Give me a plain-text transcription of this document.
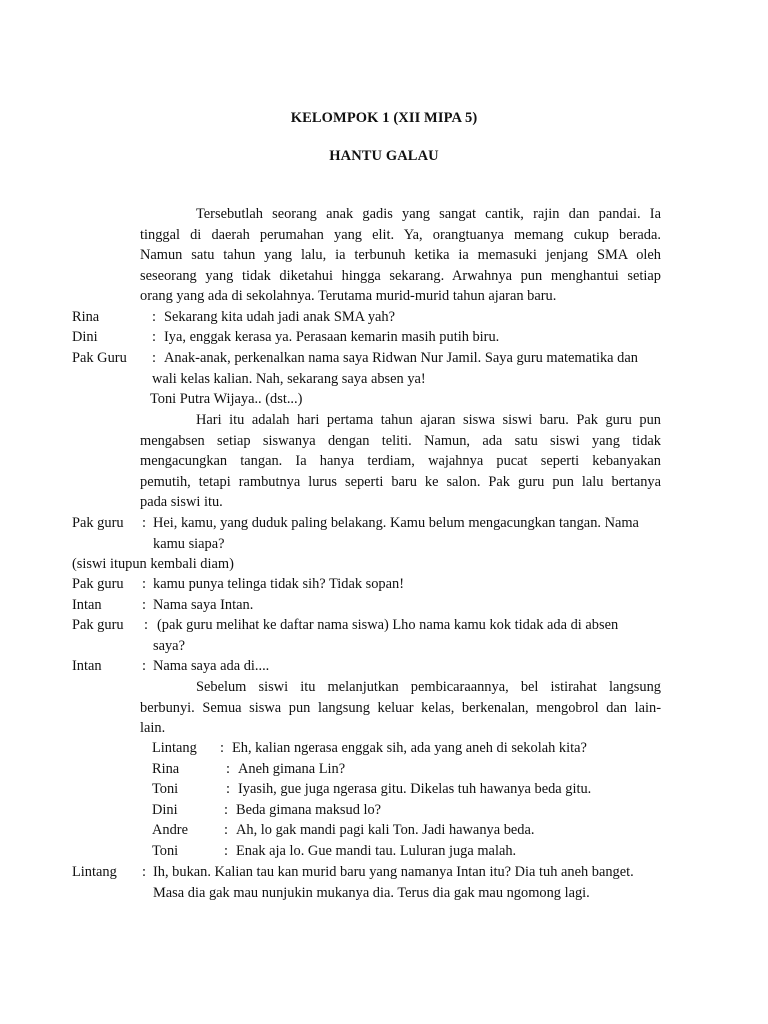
KELOMPOK 1 (XII MIPA 5)
HANTU GALAU
Tersebutlah seorang anak gadis yang sangat cantik, rajin dan pandai. Ia
tinggal di daerah perumahan yang elit. Ya, orangtuanya memang cukup berada.
Namun satu tahun yang lalu, ia terbunuh ketika ia memasuki jenjang SMA oleh
seseorang yang tidak diketahui hingga sekarang. Arwahnya pun menghantui setiap
orang yang ada di sekolahnya. Terutama murid-murid tahun ajaran baru.
Rina	: Sekarang kita udah jadi anak SMA yah?
Dini	: Iya, enggak kerasa ya. Perasaan kemarin masih putih biru.
Pak Guru : Anak-anak, perkenalkan nama saya Ridwan Nur Jamil. Saya guru matematika dan
wali kelas kalian. Nah, sekarang saya absen ya!
Toni Putra Wijaya.. (dst...)
Hari itu adalah hari pertama tahun ajaran siswa siswi baru. Pak guru pun
mengabsen setiap siswanya dengan teliti. Namun, ada satu siswi yang tidak
mengacungkan tangan. Ia hanya terdiam, wajahnya pucat seperti kebanyakan
pemutih, tetapi rambutnya lurus seperti baru ke salon. Pak guru pun lalu bertanya
pada siswi itu.
Pak guru : Hei, kamu, yang duduk paling belakang. Kamu belum mengacungkan tangan. Nama
kamu siapa?
(siswi itupun kembali diam)
Pak guru : kamu punya telinga tidak sih? Tidak sopan!
Intan	: Nama saya Intan.
Pak guru : (pak guru melihat ke daftar nama siswa) Lho nama kamu kok tidak ada di absen
saya?
Intan	: Nama saya ada di....
Sebelum siswi itu melanjutkan pembicaraannya, bel istirahat langsung
berbunyi. Semua siswa pun langsung keluar kelas, berkenalan, mengobrol dan lain-
lain.
Lintang : Eh, kalian ngerasa enggak sih, ada yang aneh di sekolah kita?
Rina	: Aneh gimana Lin?
Toni	: Iyasih, gue juga ngerasa gitu. Dikelas tuh hawanya beda gitu.
Dini	: Beda gimana maksud lo?
Andre	: Ah, lo gak mandi pagi kali Ton. Jadi hawanya beda.
Toni	: Enak aja lo. Gue mandi tau. Luluran juga malah.
Lintang : Ih, bukan. Kalian tau kan murid baru yang namanya Intan itu? Dia tuh aneh banget.
Masa dia gak mau nunjukin mukanya dia. Terus dia gak mau ngomong lagi.
